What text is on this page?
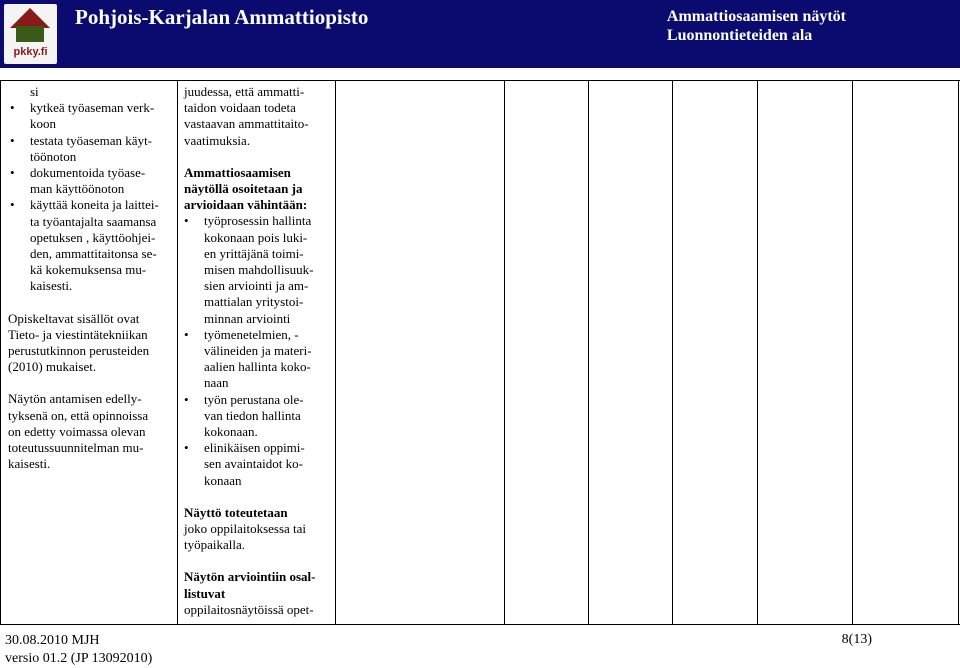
pkky.fi
Pohjois-Karjalan Ammattiopisto	Ammattiosaamisen näytöt
Luonnontieteiden ala
si
• kytkeä työaseman verk-
koon
• testata työaseman käyt-
töönoton
• dokumentoida työase-
man käyttöönoton
• käyttää koneita ja laittei-
ta työantajalta saamansa
opetuksen , käyttöohjei-
den, ammattitaitonsa se-
kä kokemuksensa mu-
kaisesti.

Opiskeltavat sisällöt ovat
Tieto- ja viestintätekniikan
perustutkinnon perusteiden
(2010) mukaiset.

Näytön antamisen edelly-
tyksenä on, että opinnoissa
on edetty voimassa olevan
toteutussuunnitelman mu-
kaisesti.

juudessa, että ammatti-
taidon voidaan todeta
vastaavan ammattitaito-
vaatimuksia.

Ammattiosaamisen
näytöllä osoitetaan ja
arvioidaan vähintään:

• työprosessin hallinta
kokonaan pois luki-
en yrittäjänä toimi-
misen mahdollisuuk-
sien arviointi ja am-
mattialan yritystoi-
minnan arviointi
• työmenetelmien, -
välineiden ja materi-
aalien hallinta koko-
naan
• työn perustana ole-
van tiedon hallinta
kokonaan.
• elinikäisen oppimi-
sen avaintaidot ko-
konaan

Näyttö toteutetaan

joko oppilaitoksessa tai
työpaikalla.

Näytön arviointiin osal-
listuvat

oppilaitosnäytöissä opet-

30.08.2010 MJH
versio 01.2 (JP 13092010)
8(13)
